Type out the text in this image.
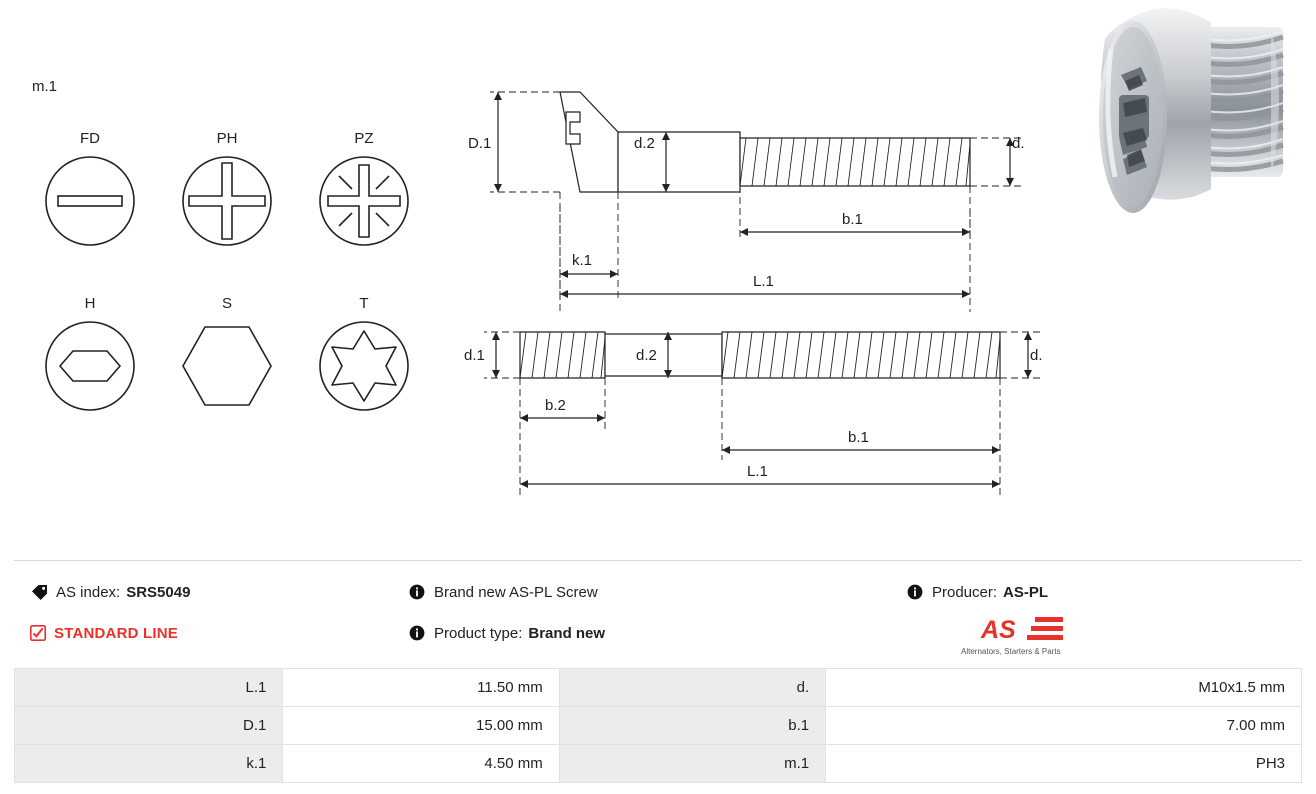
m.1
FD	PH	PZ
H	S	T
D.1	d.2	d.
k.1
b.1
L.1
d.1	d.2	d.
b.2
b.1
L.1
AS index: SRS5049
STANDARD LINE
Brand new AS-PL Screw
Product type: Brand new
Producer: AS-PL
AS
Alternators, Starters & Parts
L.1	11.50 mm	d.	M10x1.5 mm
D.1	15.00 mm	b.1	7.00 mm
k.1	4.50 mm	m.1	PH3
